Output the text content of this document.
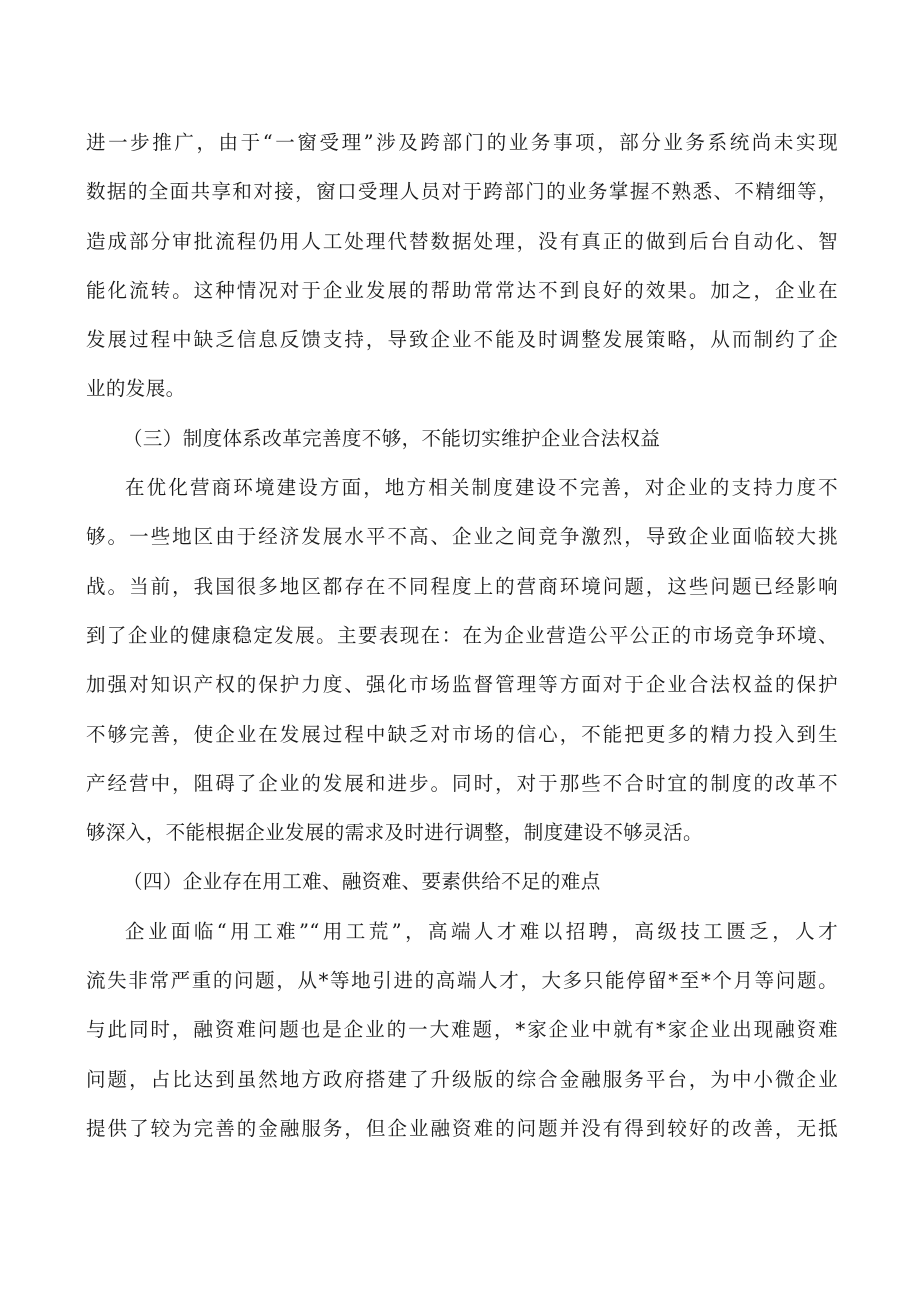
进一步推广，由于“一窗受理”涉及跨部门的业务事项，部分业务系统尚未实现
数据的全面共享和对接，窗口受理人员对于跨部门的业务掌握不熟悉、不精细等，
造成部分审批流程仍用人工处理代替数据处理，没有真正的做到后台自动化、智
能化流转。这种情况对于企业发展的帮助常常达不到良好的效果。加之，企业在
发展过程中缺乏信息反馈支持，导致企业不能及时调整发展策略，从而制约了企
业的发展。
（三）制度体系改革完善度不够，不能切实维护企业合法权益
在优化营商环境建设方面，地方相关制度建设不完善，对企业的支持力度不
够。一些地区由于经济发展水平不高、企业之间竞争激烈，导致企业面临较大挑
战。当前，我国很多地区都存在不同程度上的营商环境问题，这些问题已经影响
到了企业的健康稳定发展。主要表现在：在为企业营造公平公正的市场竞争环境、
加强对知识产权的保护力度、强化市场监督管理等方面对于企业合法权益的保护
不够完善，使企业在发展过程中缺乏对市场的信心，不能把更多的精力投入到生
产经营中，阻碍了企业的发展和进步。同时，对于那些不合时宜的制度的改革不
够深入，不能根据企业发展的需求及时进行调整，制度建设不够灵活。
（四）企业存在用工难、融资难、要素供给不足的难点
企业面临“用工难”“用工荒”，高端人才难以招聘，高级技工匮乏，人才
流失非常严重的问题，从*等地引进的高端人才，大多只能停留*至*个月等问题。
与此同时，融资难问题也是企业的一大难题，*家企业中就有*家企业出现融资难
问题，占比达到虽然地方政府搭建了升级版的综合金融服务平台，为中小微企业
提供了较为完善的金融服务，但企业融资难的问题并没有得到较好的改善，无抵
